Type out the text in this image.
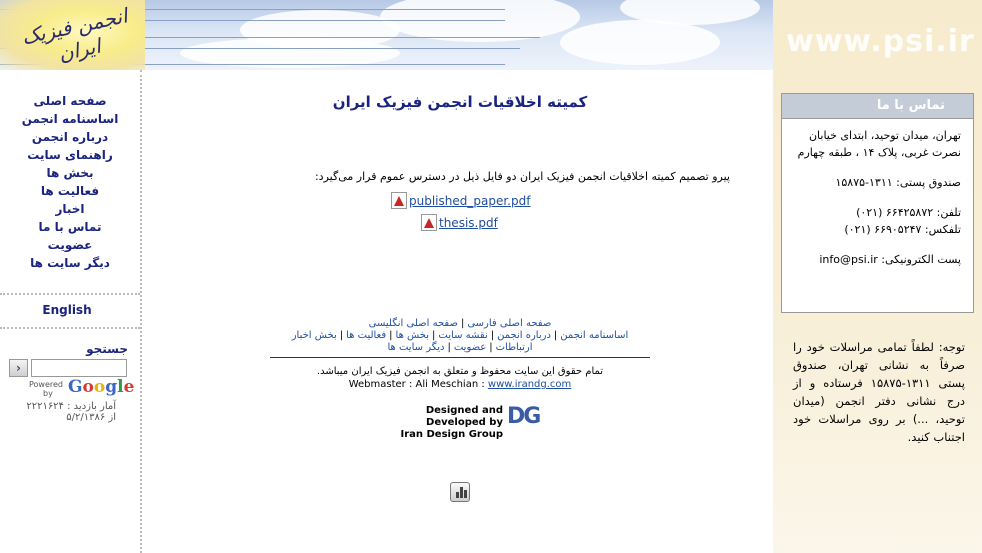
انجمن فیزیک ایران	www.psi.ir
تماس با ما

تهران، میدان توحید، ابتدای خیابان نصرت غربی، پلاک ۱۴ ، طبقه چهارم

صندوق پستی: ۱۳۱۱-۱۵۸۷۵

تلفن: ۶۶۴۲۵۸۷۲ (۰۲۱)

تلفکس: ۶۶۹۰۵۲۴۷ (۰۲۱)

پست الکترونیکی: info@psi.ir
توجه: لطفاً تمامی مراسلات خود را صرفاً به نشانی تهران، صندوق پستی ۱۳۱۱-۱۵۸۷۵ فرستاده و از درج نشانی دفتر انجمن (میدان توحید، ...) بر روی مراسلات خود اجتناب کنید.
صفحه اصلی
اساسنامه انجمن
درباره انجمن
راهنمای سایت
بخش ها
فعالیت ها
اخبار
تماس با ما
عضویت
دیگر سایت ها
English
جستجو
›
Powered
by Google
آمار بازدید : ۲۲۲۱۶۲۴
از ۵/۲/۱۳۸۶
کمیته اخلاقیات انجمن فیزیک ایران
پیرو تصمیم کمیته اخلاقیات انجمن فیزیک ایران دو فایل ذیل در دسترس عموم قرار می‌گیرد:
published_paper.pdf
thesis.pdf
صفحه اصلی فارسی|صفحه اصلی انگلیسی
اساسنامه انجمن|درباره انجمن|نقشه سایت|بخش ها|فعالیت ها|بخش اخبار
ارتباطات|عضویت|دیگر سایت ها
تمام حقوق این سایت محفوظ و متعلق به انجمن فیزیک ایران میباشد.
Webmaster : Ali Meschian : www.irandg.com
Designed and Developed by
Iran Design Group
DG
